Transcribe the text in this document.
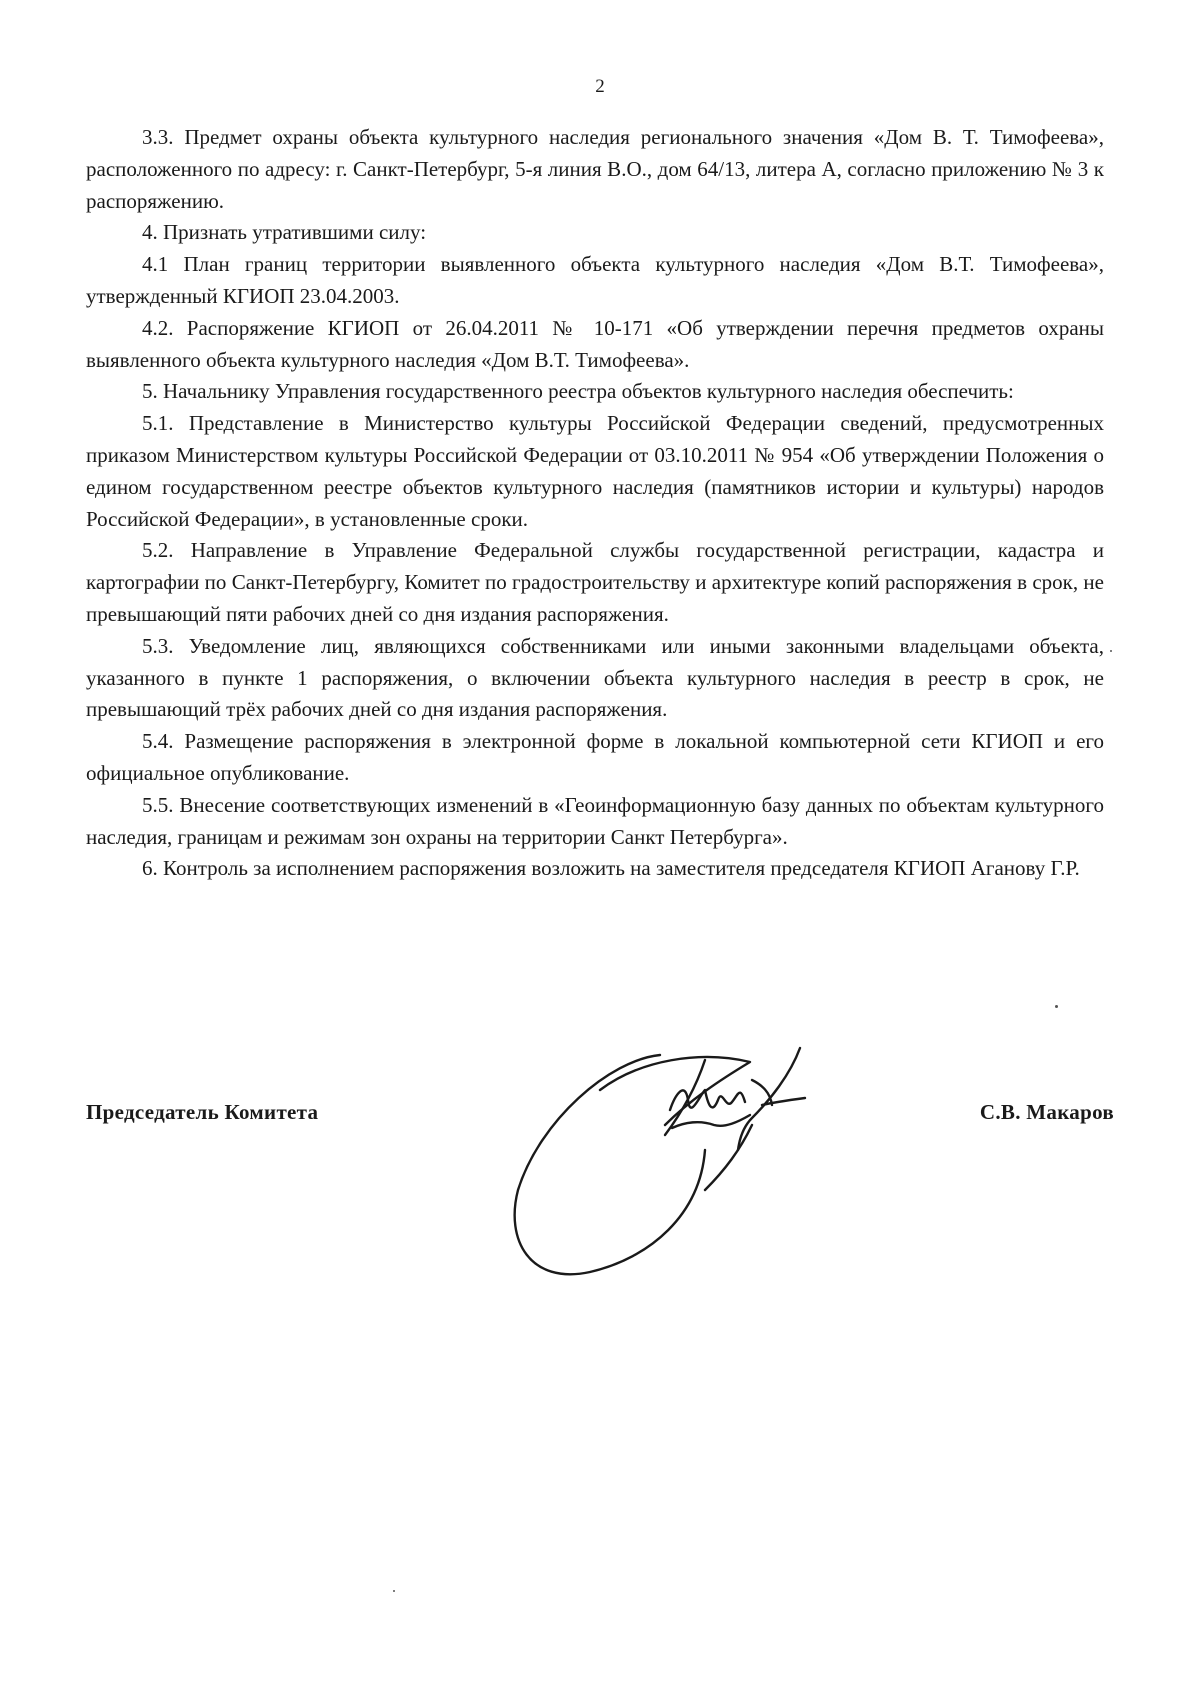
2

3.3. Предмет охраны объекта культурного наследия регионального значения «Дом В. Т. Тимофеева», расположенного по адресу: г. Санкт-Петербург, 5-я линия В.О., дом 64/13, литера А, согласно приложению № 3 к распоряжению.

4. Признать утратившими силу:

4.1 План границ территории выявленного объекта культурного наследия «Дом В.Т. Тимофеева», утвержденный КГИОП 23.04.2003.

4.2. Распоряжение КГИОП от 26.04.2011 № 10-171 «Об утверждении перечня предметов охраны выявленного объекта культурного наследия «Дом В.Т. Тимофеева».

5. Начальнику Управления государственного реестра объектов культурного наследия обеспечить:

5.1. Представление в Министерство культуры Российской Федерации сведений, предусмотренных приказом Министерством культуры Российской Федерации от 03.10.2011 № 954 «Об утверждении Положения о едином государственном реестре объектов культурного наследия (памятников истории и культуры) народов Российской Федерации», в установленные сроки.

5.2. Направление в Управление Федеральной службы государственной регистрации, кадастра и картографии по Санкт-Петербургу, Комитет по градостроительству и архитектуре копий распоряжения в срок, не превышающий пяти рабочих дней со дня издания распоряжения.

5.3. Уведомление лиц, являющихся собственниками или иными законными владельцами объекта, указанного в пункте 1 распоряжения, о включении объекта культурного наследия в реестр в срок, не превышающий трёх рабочих дней со дня издания распоряжения.

5.4. Размещение распоряжения в электронной форме в локальной компьютерной сети КГИОП и его официальное опубликование.

5.5. Внесение соответствующих изменений в «Геоинформационную базу данных по объектам культурного наследия, границам и режимам зон охраны на территории Санкт Петербурга».

6. Контроль за исполнением распоряжения возложить на заместителя председателя КГИОП Аганову Г.Р.

Председатель Комитета	С.В. Макаров
